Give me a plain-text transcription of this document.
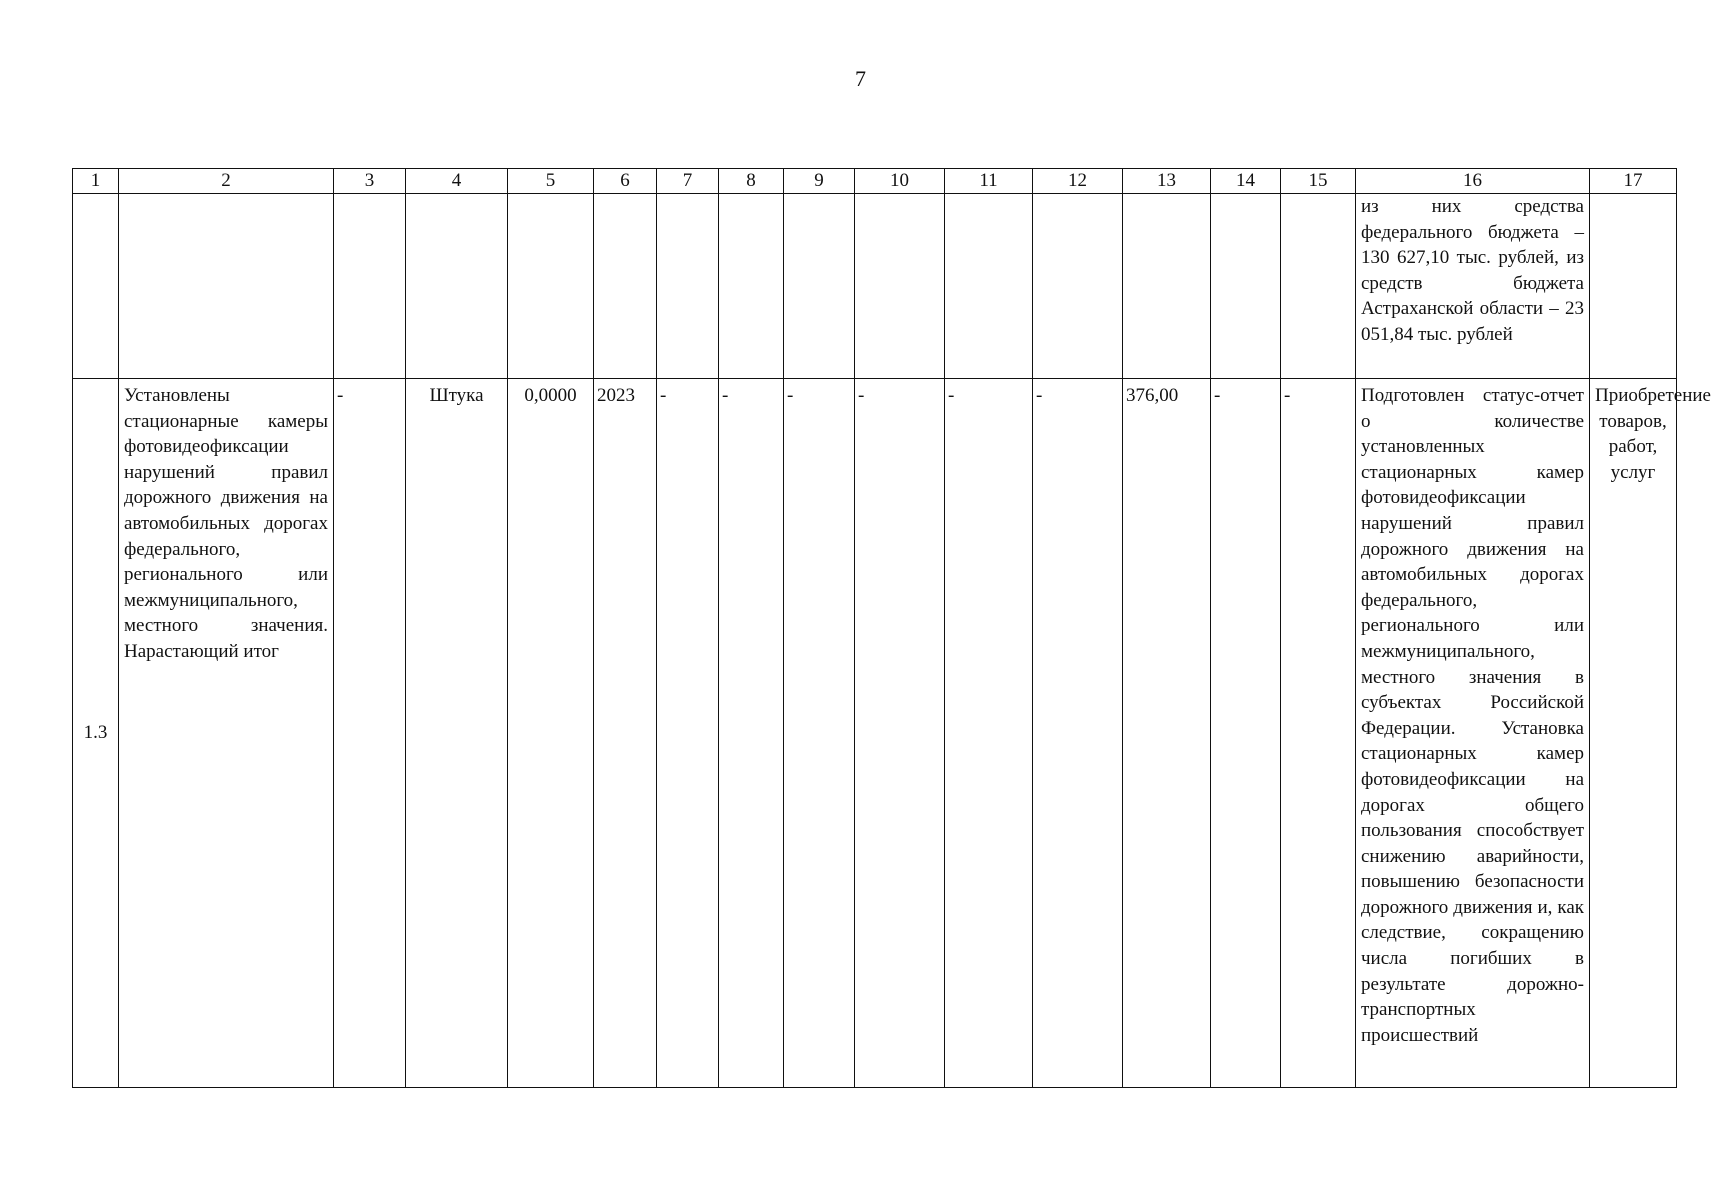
7
1	2	3	4	5	6	7	8	9	10	11	12	13	14	15	16	17
															из них средства федерального бюджета – 130 627,10 тыс. рублей, из средств бюджета Астраханской области – 23 051,84 тыс. рублей	
1.3	Установлены стационарные камеры фотовидеофиксации нарушений правил дорожного движения на автомобильных дорогах федерального, регионального или межмуниципального, местного значения. Нарастающий итог	-	Штука	0,0000	2023	-	-	-	-	-	-	376,00	-	-	Подготовлен статус-отчет о количестве установленных стационарных камер фотовидеофиксации нарушений правил дорожного движения на автомобильных дорогах федерального, регионального или межмуниципального, местного значения в субъектах Российской Федерации. Установка стационарных камер фотовидеофиксации на дорогах общего пользования способствует снижению аварийности, повышению безопасности дорожного движения и, как следствие, сокращению числа погибших в результате дорожно-транспортных происшествий	Приобретение товаров, работ, услуг
